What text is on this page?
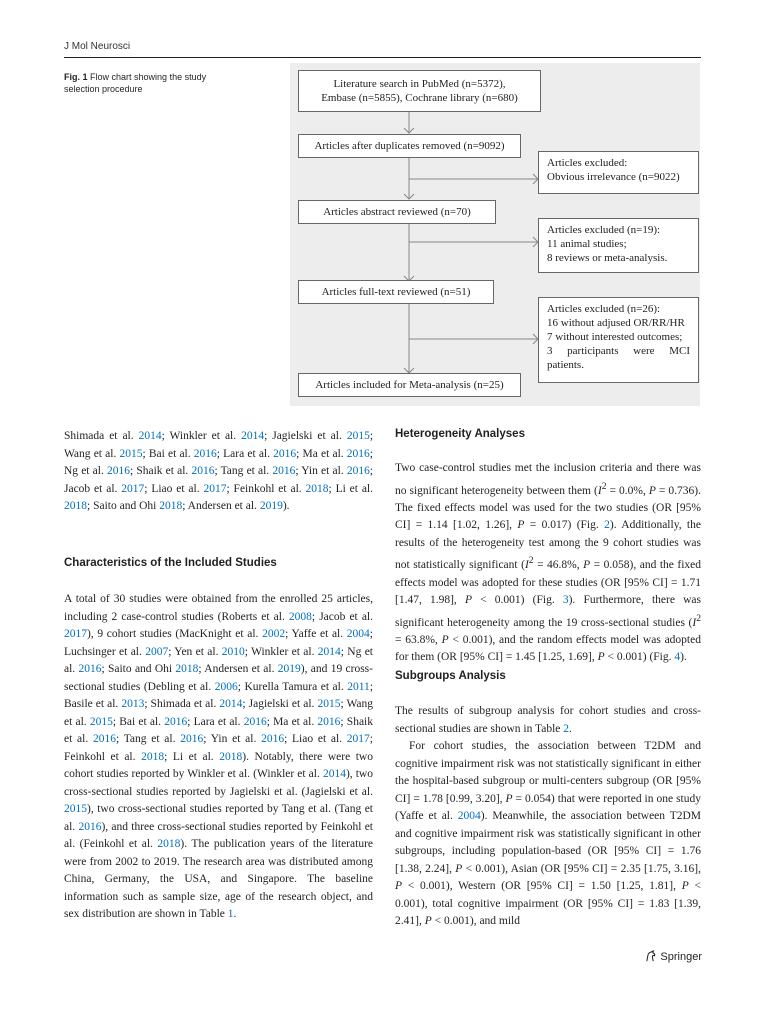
J Mol Neurosci
Fig. 1 Flow chart showing the study selection procedure	Literature search in PubMed (n=5372),
Embase (n=5855), Cochrane library (n=680)
Articles after duplicates removed (n=9092)
Articles excluded:
Obvious irrelevance (n=9022)
Articles abstract reviewed (n=70)
Articles excluded (n=19):
11 animal studies;
8 reviews or meta-analysis.
Articles full-text reviewed (n=51)
Articles excluded (n=26):
16 without adjused OR/RR/HR
7 without interested outcomes;
3 participants were MCI
patients.
Articles included for Meta-analysis (n=25)

Shimada et al. 2014; Winkler et al. 2014; Jagielski et al. 2015; Wang et al. 2015; Bai et al. 2016; Lara et al. 2016; Ma et al. 2016; Ng et al. 2016; Shaik et al. 2016; Tang et al. 2016; Yin et al. 2016; Jacob et al. 2017; Liao et al. 2017; Feinkohl et al. 2018; Li et al. 2018; Saito and Ohi 2018; Andersen et al. 2019).

Characteristics of the Included Studies

A total of 30 studies were obtained from the enrolled 25 articles, including 2 case-control studies (Roberts et al. 2008; Jacob et al. 2017), 9 cohort studies (MacKnight et al. 2002; Yaffe et al. 2004; Luchsinger et al. 2007; Yen et al. 2010; Winkler et al. 2014; Ng et al. 2016; Saito and Ohi 2018; Andersen et al. 2019), and 19 cross-sectional studies (Debling et al. 2006; Kurella Tamura et al. 2011; Basile et al. 2013; Shimada et al. 2014; Jagielski et al. 2015; Wang et al. 2015; Bai et al. 2016; Lara et al. 2016; Ma et al. 2016; Shaik et al. 2016; Tang et al. 2016; Yin et al. 2016; Liao et al. 2017; Feinkohl et al. 2018; Li et al. 2018). Notably, there were two cohort studies reported by Winkler et al. (Winkler et al. 2014), two cross-sectional studies reported by Jagielski et al. (Jagielski et al. 2015), two cross-sectional studies reported by Tang et al. (Tang et al. 2016), and three cross-sectional studies reported by Feinkohl et al. (Feinkohl et al. 2018). The publication years of the literature were from 2002 to 2019. The research area was distributed among China, Germany, the USA, and Singapore. The baseline information such as sample size, age of the research object, and sex distribution are shown in Table 1.

Heterogeneity Analyses

Two case-control studies met the inclusion criteria and there was no significant heterogeneity between them ($I^2 = 0.0\%$, P = 0.736). The fixed effects model was used for the two studies (OR [95% CI] = 1.14 [1.02, 1.26], P = 0.017) (Fig. 2). Additionally, the results of the heterogeneity test among the 9 cohort studies was not statistically significant ($I^2 = 46.8\%$, P = 0.058), and the fixed effects model was adopted for these studies (OR [95% CI] = 1.71 [1.47, 1.98], P < 0.001) (Fig. 3). Furthermore, there was significant heterogeneity among the 19 cross-sectional studies ($I^2 = 63.8\%$, P < 0.001), and the random effects model was adopted for them (OR [95% CI] = 1.45 [1.25, 1.69], P < 0.001) (Fig. 4).

Subgroups Analysis

The results of subgroup analysis for cohort studies and cross-sectional studies are shown in Table 2.

For cohort studies, the association between T2DM and cognitive impairment risk was not statistically significant in either the hospital-based subgroup or multi-centers subgroup (OR [95% CI] = 1.78 [0.99, 3.20], P = 0.054) that were reported in one study (Yaffe et al. 2004). Meanwhile, the association between T2DM and cognitive impairment risk was statistically significant in other subgroups, including population-based (OR [95% CI] = 1.76 [1.38, 2.24], P < 0.001), Asian (OR [95% CI] = 2.35 [1.75, 3.16], P < 0.001), Western (OR [95% CI] = 1.50 [1.25, 1.81], P < 0.001), total cognitive impairment (OR [95% CI] = 1.83 [1.39, 2.41], P < 0.001), and mild

Springer
